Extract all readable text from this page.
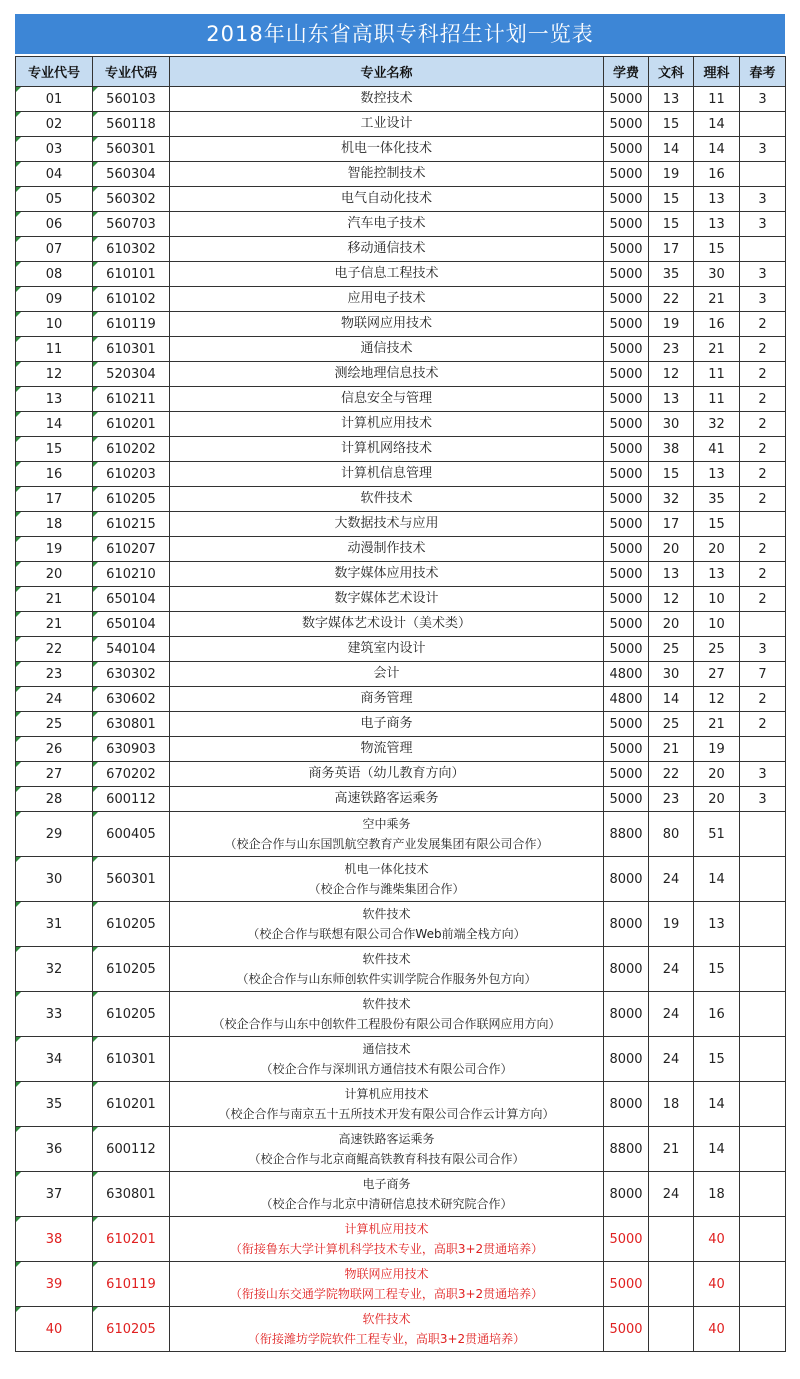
2018年山东省高职专科招生计划一览表
专业代号	专业代码	专业名称	学费	文科	理科	春考
01	560103	数控技术	5000	13	11	3
02	560118	工业设计	5000	15	14	
03	560301	机电一体化技术	5000	14	14	3
04	560304	智能控制技术	5000	19	16	
05	560302	电气自动化技术	5000	15	13	3
06	560703	汽车电子技术	5000	15	13	3
07	610302	移动通信技术	5000	17	15	
08	610101	电子信息工程技术	5000	35	30	3
09	610102	应用电子技术	5000	22	21	3
10	610119	物联网应用技术	5000	19	16	2
11	610301	通信技术	5000	23	21	2
12	520304	测绘地理信息技术	5000	12	11	2
13	610211	信息安全与管理	5000	13	11	2
14	610201	计算机应用技术	5000	30	32	2
15	610202	计算机网络技术	5000	38	41	2
16	610203	计算机信息管理	5000	15	13	2
17	610205	软件技术	5000	32	35	2
18	610215	大数据技术与应用	5000	17	15	
19	610207	动漫制作技术	5000	20	20	2
20	610210	数字媒体应用技术	5000	13	13	2
21	650104	数字媒体艺术设计	5000	12	10	2
21	650104	数字媒体艺术设计（美术类）	5000	20	10	
22	540104	建筑室内设计	5000	25	25	3
23	630302	会计	4800	30	27	7
24	630602	商务管理	4800	14	12	2
25	630801	电子商务	5000	25	21	2
26	630903	物流管理	5000	21	19	
27	670202	商务英语（幼儿教育方向）	5000	22	20	3
28	600112	高速铁路客运乘务	5000	23	20	3
29	600405	空中乘务
（校企合作与山东国凯航空教育产业发展集团有限公司合作）	8800	80	51	
30	560301	机电一体化技术
（校企合作与潍柴集团合作）	8000	24	14	
31	610205	软件技术
（校企合作与联想有限公司合作Web前端全栈方向）	8000	19	13	
32	610205	软件技术
（校企合作与山东师创软件实训学院合作服务外包方向）	8000	24	15	
33	610205	软件技术
（校企合作与山东中创软件工程股份有限公司合作联网应用方向）	8000	24	16	
34	610301	通信技术
（校企合作与深圳讯方通信技术有限公司合作）	8000	24	15	
35	610201	计算机应用技术
（校企合作与南京五十五所技术开发有限公司合作云计算方向）	8000	18	14	
36	600112	高速铁路客运乘务
（校企合作与北京商鲲高铁教育科技有限公司合作）	8800	21	14	
37	630801	电子商务
（校企合作与北京中清研信息技术研究院合作）	8000	24	18	
38	610201	计算机应用技术
（衔接鲁东大学计算机科学技术专业，高职3+2贯通培养）	5000		40	
39	610119	物联网应用技术
（衔接山东交通学院物联网工程专业，高职3+2贯通培养）	5000		40	
40	610205	软件技术
（衔接潍坊学院软件工程专业，高职3+2贯通培养）	5000		40	
